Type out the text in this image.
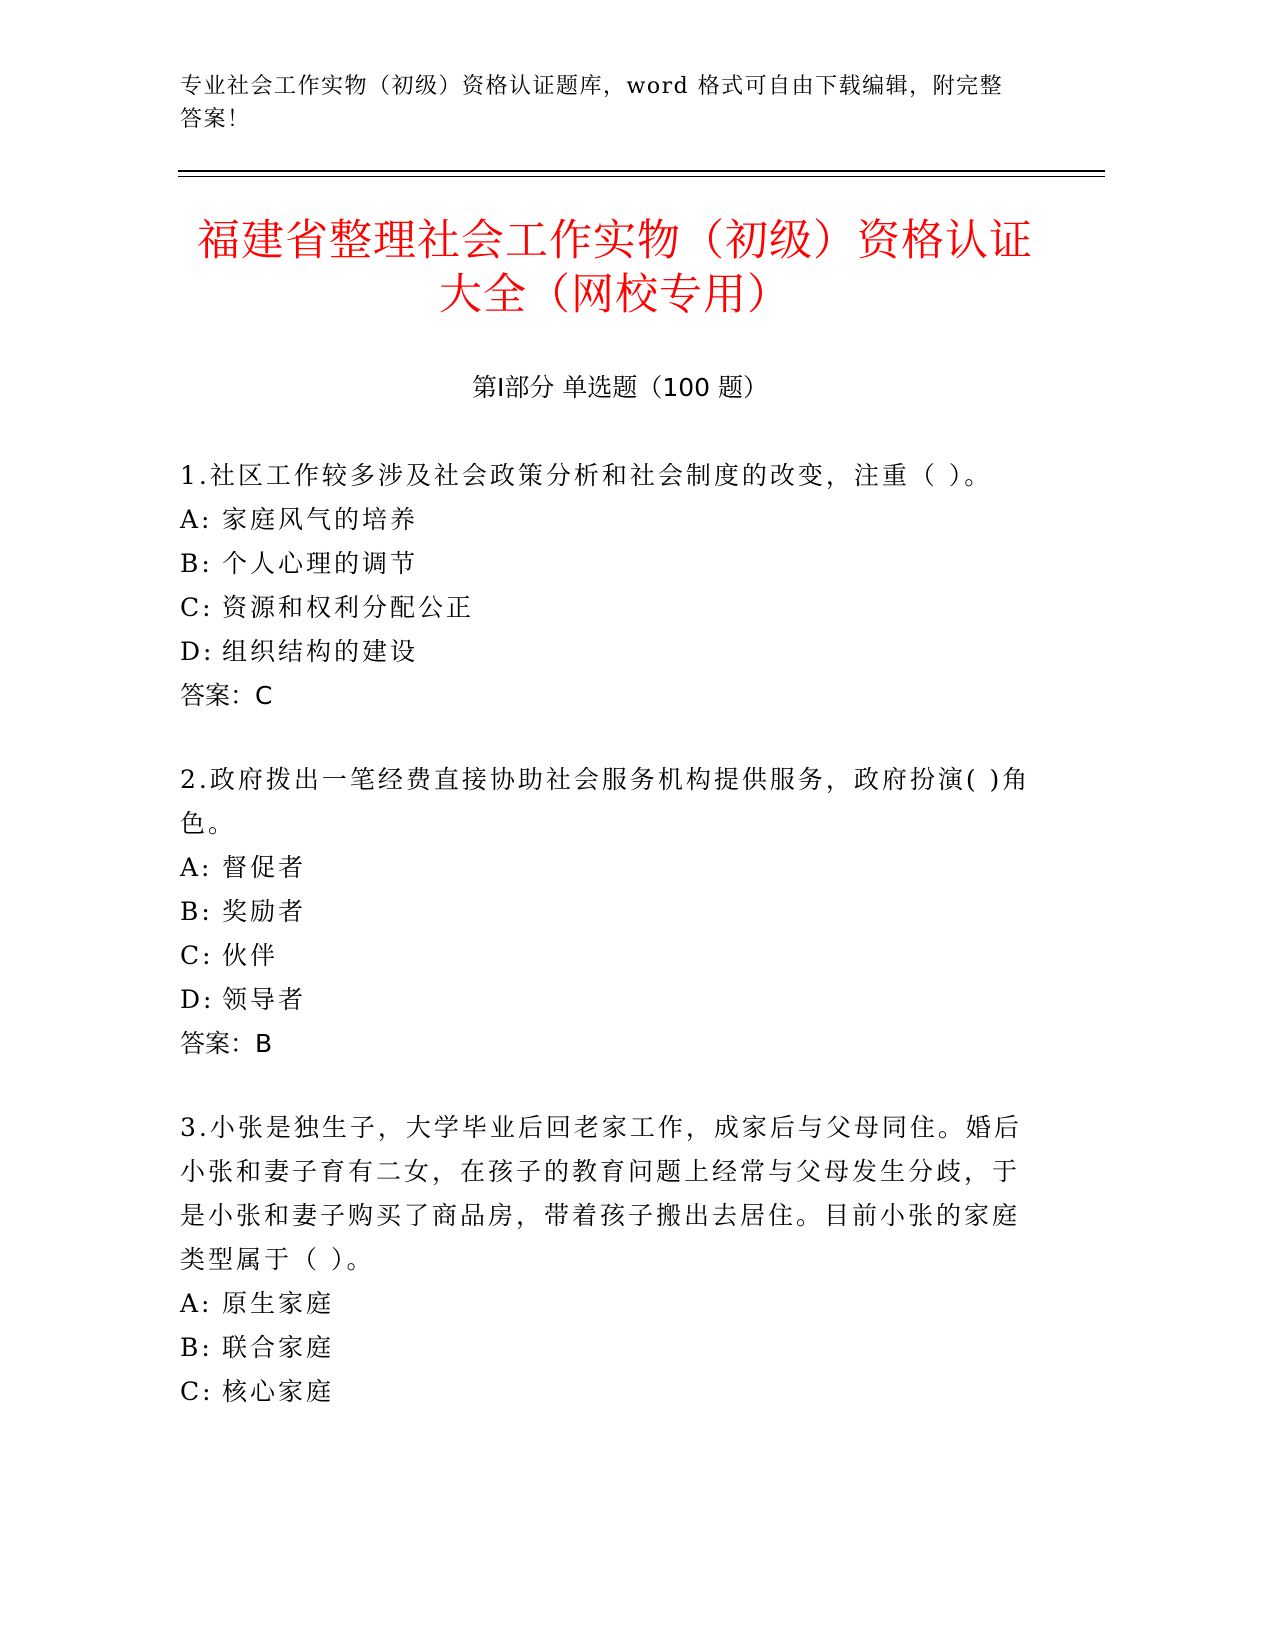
专业社会工作实物（初级）资格认证题库，word 格式可自由下载编辑，附完整答案！
福建省整理社会工作实物（初级）资格认证
大全（网校专用）
第Ⅰ部分 单选题（100 题）

1.社区工作较多涉及社会政策分析和社会制度的改变，注重（ ）。

A: 家庭风气的培养

B: 个人心理的调节

C: 资源和权利分配公正

D: 组织结构的建设

答案：C

2.政府拨出一笔经费直接协助社会服务机构提供服务，政府扮演( )角色。

A: 督促者

B: 奖励者

C: 伙伴

D: 领导者

答案：B

3.小张是独生子，大学毕业后回老家工作，成家后与父母同住。婚后小张和妻子育有二女，在孩子的教育问题上经常与父母发生分歧，于是小张和妻子购买了商品房，带着孩子搬出去居住。目前小张的家庭类型属于（ ）。

A: 原生家庭

B: 联合家庭

C: 核心家庭
